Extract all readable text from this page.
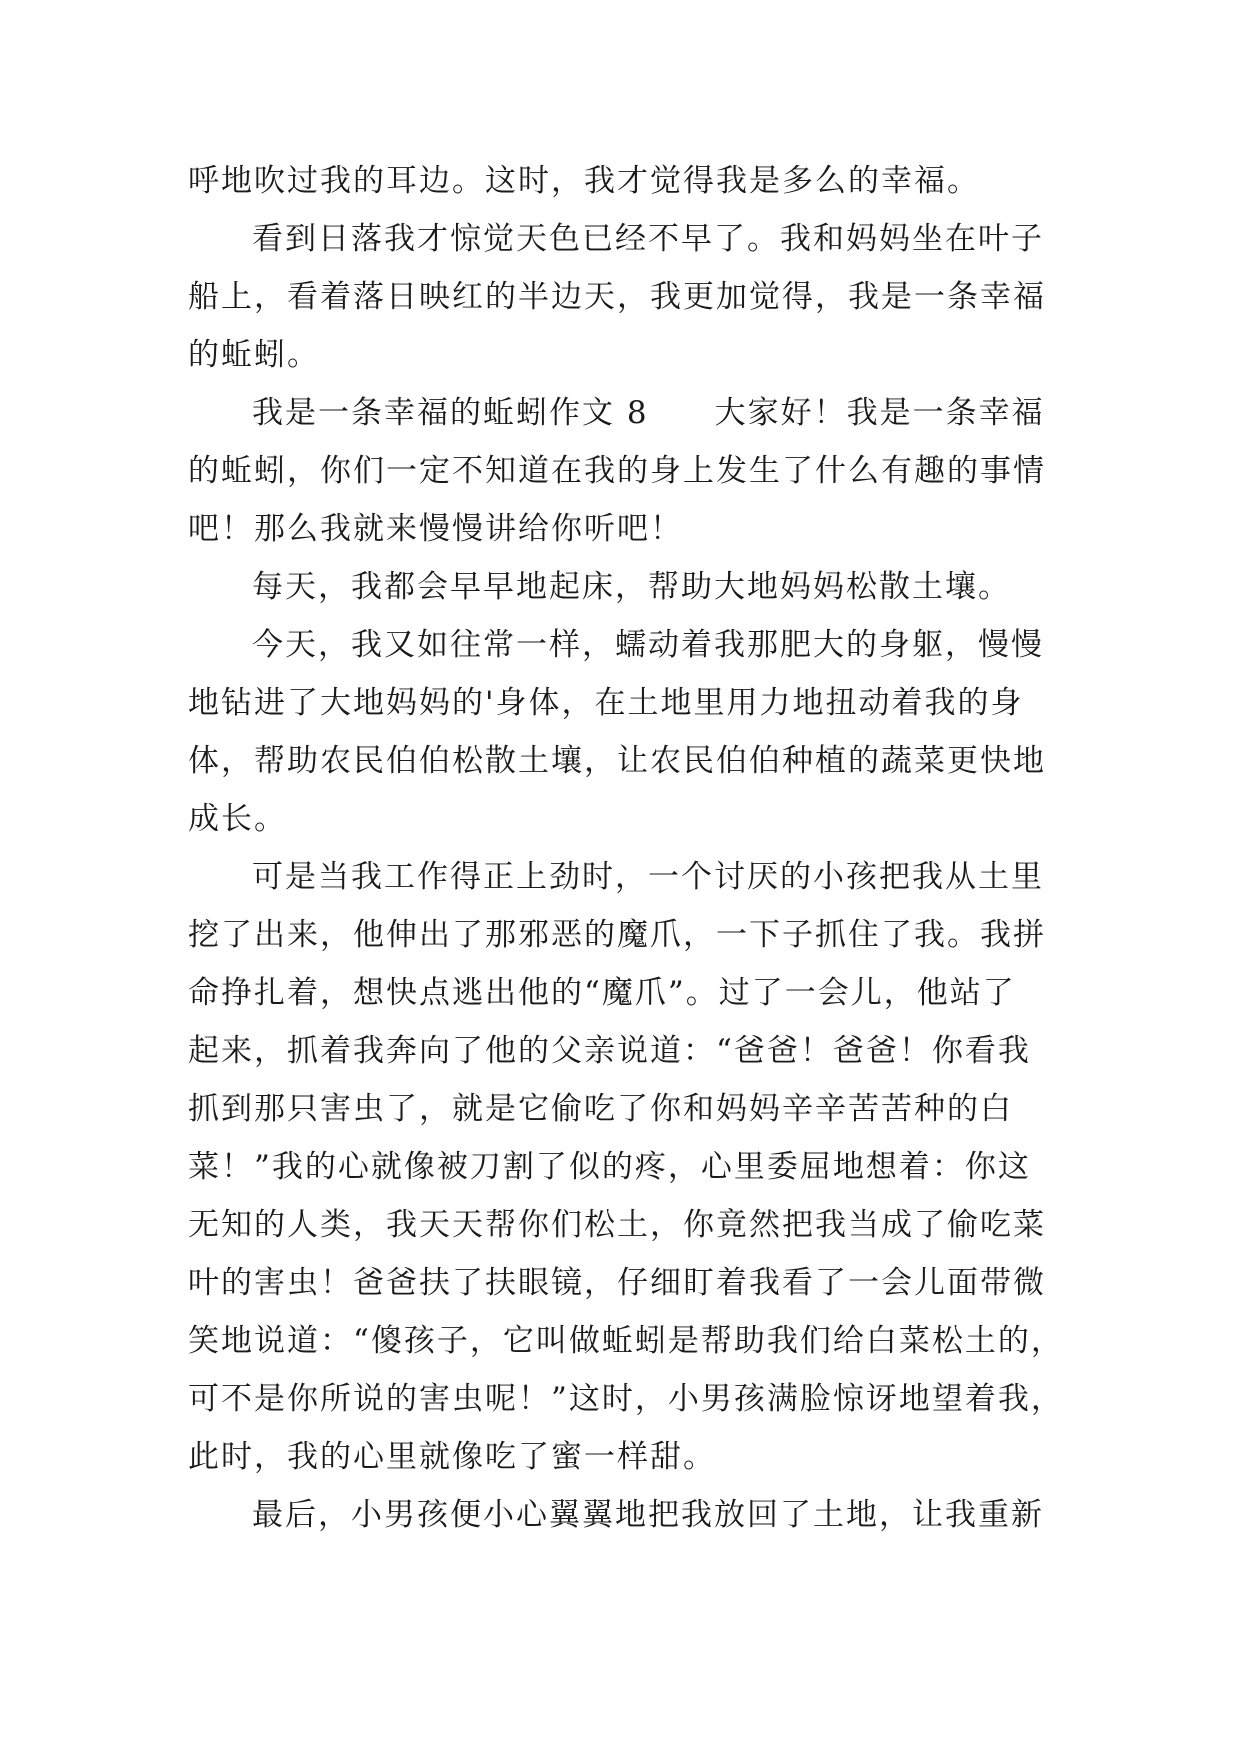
呼地吹过我的耳边。这时，我才觉得我是多么的幸福。
看到日落我才惊觉天色已经不早了。我和妈妈坐在叶子
船上，看着落日映红的半边天，我更加觉得，我是一条幸福
的蚯蚓。
我是一条幸福的蚯蚓作文 8　　大家好！我是一条幸福
的蚯蚓，你们一定不知道在我的身上发生了什么有趣的事情
吧！那么我就来慢慢讲给你听吧！
每天，我都会早早地起床，帮助大地妈妈松散土壤。
今天，我又如往常一样，蠕动着我那肥大的身躯，慢慢
地钻进了大地妈妈的'身体，在土地里用力地扭动着我的身
体，帮助农民伯伯松散土壤，让农民伯伯种植的蔬菜更快地
成长。
可是当我工作得正上劲时，一个讨厌的小孩把我从土里
挖了出来，他伸出了那邪恶的魔爪，一下子抓住了我。我拼
命挣扎着，想快点逃出他的“魔爪”。过了一会儿，他站了
起来，抓着我奔向了他的父亲说道：“爸爸！爸爸！你看我
抓到那只害虫了，就是它偷吃了你和妈妈辛辛苦苦种的白
菜！”我的心就像被刀割了似的疼，心里委屈地想着：你这
无知的人类，我天天帮你们松土，你竟然把我当成了偷吃菜
叶的害虫！爸爸扶了扶眼镜，仔细盯着我看了一会儿面带微
笑地说道：“傻孩子，它叫做蚯蚓是帮助我们给白菜松土的，
可不是你所说的害虫呢！”这时，小男孩满脸惊讶地望着我，
此时，我的心里就像吃了蜜一样甜。
最后，小男孩便小心翼翼地把我放回了土地，让我重新
